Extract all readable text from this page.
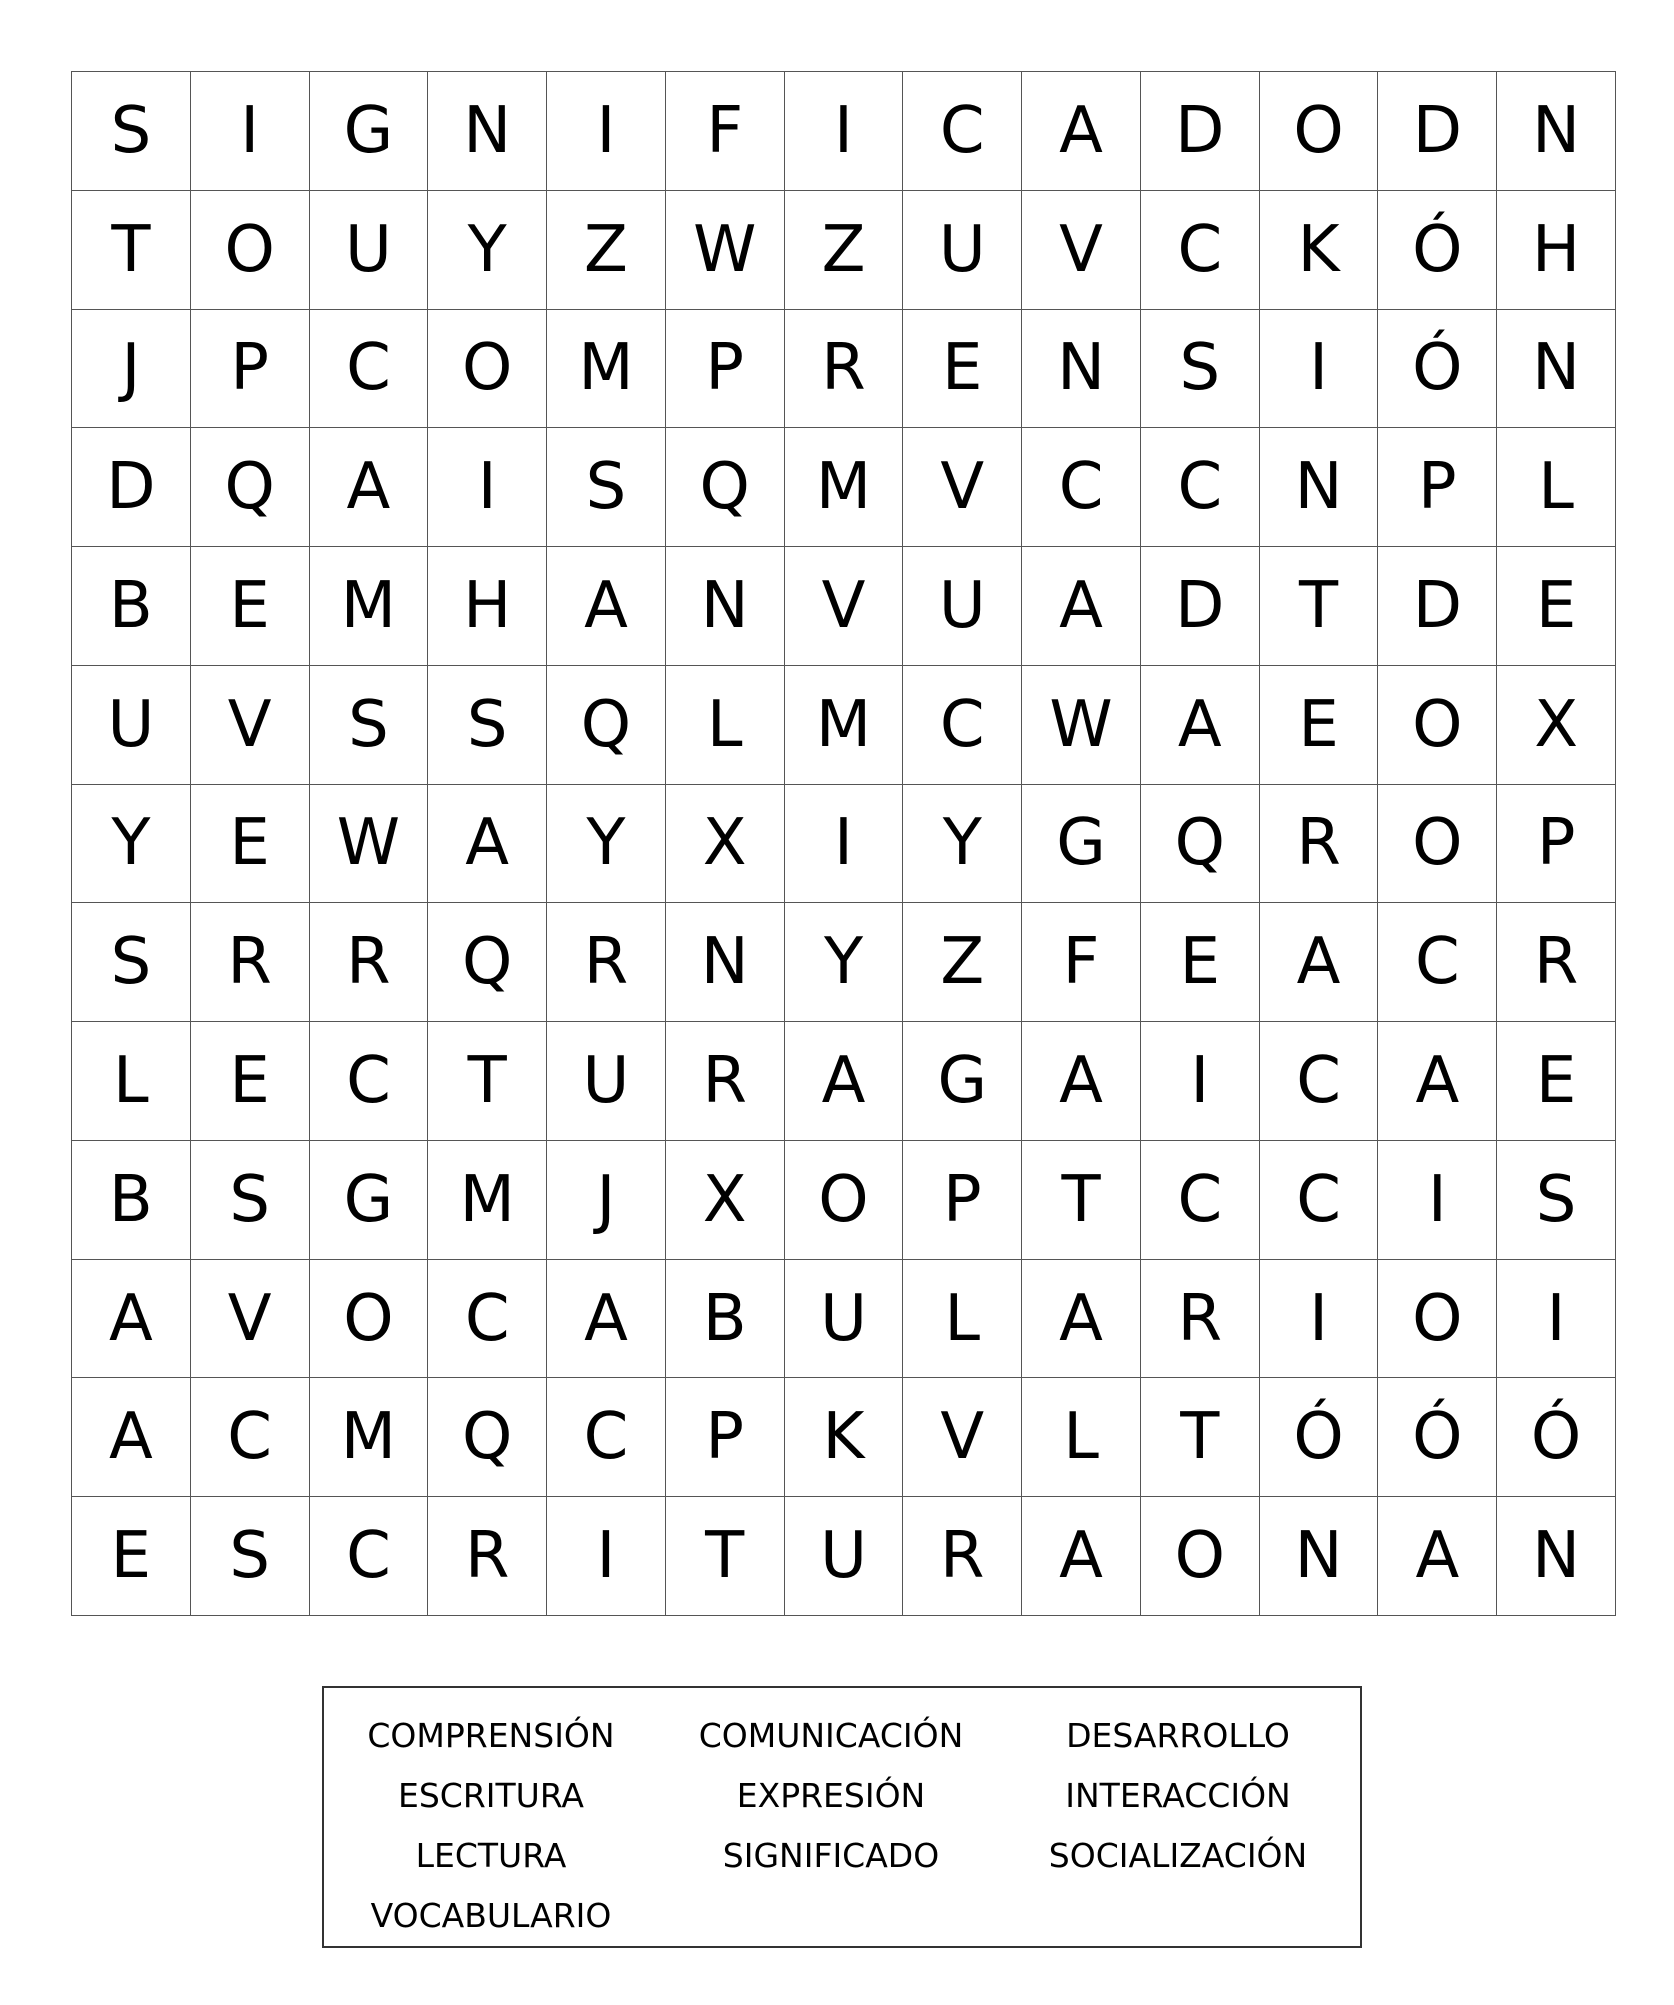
S	I	G	N	I	F	I	C	A	D	O	D	N
T	O	U	Y	Z	W	Z	U	V	C	K	Ó	H
J	P	C	O	M	P	R	E	N	S	I	Ó	N
D	Q	A	I	S	Q	M	V	C	C	N	P	L
B	E	M	H	A	N	V	U	A	D	T	D	E
U	V	S	S	Q	L	M	C	W	A	E	O	X
Y	E	W	A	Y	X	I	Y	G	Q	R	O	P
S	R	R	Q	R	N	Y	Z	F	E	A	C	R
L	E	C	T	U	R	A	G	A	I	C	A	E
B	S	G	M	J	X	O	P	T	C	C	I	S
A	V	O	C	A	B	U	L	A	R	I	O	I
A	C	M	Q	C	P	K	V	L	T	Ó	Ó	Ó
E	S	C	R	I	T	U	R	A	O	N	A	N
COMPRENSIÓN	COMUNICACIÓN	DESARROLLO
ESCRITURA	EXPRESIÓN	INTERACCIÓN
LECTURA	SIGNIFICADO	SOCIALIZACIÓN
VOCABULARIO
